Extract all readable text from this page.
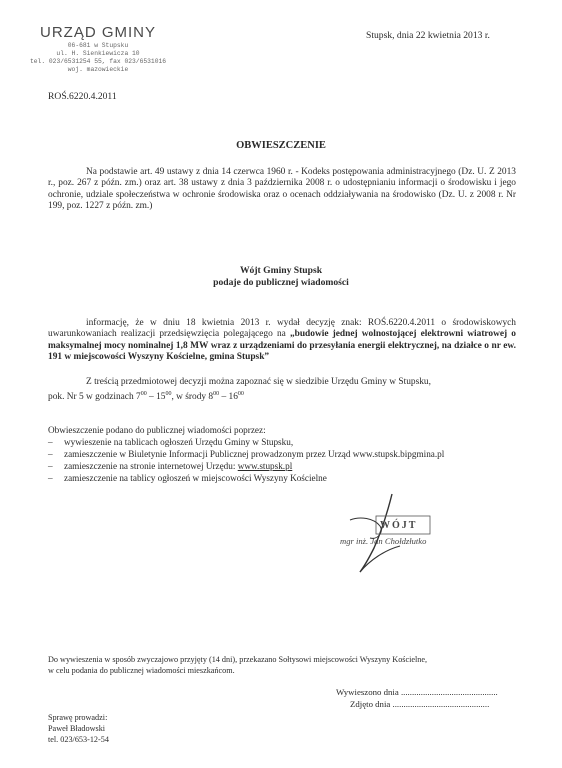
URZĄD GMINY
06-681 w Stupsku
ul. H. Sienkiewicza 10
tel. 023/6531254 55, fax 023/6531016
woj. mazowieckie
Stupsk, dnia 22 kwietnia 2013 r.
ROŚ.6220.4.2011
OBWIESZCZENIE
Na podstawie art. 49 ustawy z dnia 14 czerwca 1960 r. - Kodeks postępowania administracyjnego (Dz. U. Z 2013 r., poz. 267 z późn. zm.) oraz art. 38 ustawy z dnia 3 października 2008 r. o udostępnianiu informacji o środowisku i jego ochronie, udziale społeczeństwa w ochronie środowiska oraz o ocenach oddziaływania na środowisko (Dz. U. z 2008 r. Nr 199, poz. 1227 z późn. zm.)
Wójt Gminy Stupsk
podaje do publicznej wiadomości
informację, że w dniu 18 kwietnia 2013 r. wydał decyzję znak: ROŚ.6220.4.2011 o środowiskowych uwarunkowaniach realizacji przedsięwzięcia polegającego na „budowie jednej wolnostojącej elektrowni wiatrowej o maksymalnej mocy nominalnej 1,8 MW wraz z urządzeniami do przesyłania energii elektrycznej, na działce o nr ew. 191 w miejscowości Wyszyny Kościelne, gmina Stupsk”
Z treścią przedmiotowej decyzji można zapoznać się w siedzibie Urzędu Gminy w Stupsku,
pok. Nr 5 w godzinach $7^{00} - 15^{00}$, w środy $8^{00} - 16^{00}$
Obwieszczenie podano do publicznej wiadomości poprzez:
– wywieszenie na tablicach ogłoszeń Urzędu Gminy w Stupsku,
– zamieszczenie w Biuletynie Informacji Publicznej prowadzonym przez Urząd www.stupsk.bipgmina.pl
– zamieszczenie na stronie internetowej Urzędu: www.stupsk.pl
– zamieszczenie na tablicy ogłoszeń w miejscowości Wyszyny Kościelne
WÓJT
mgr inż. Jan Chołdzłutko
Do wywieszenia w sposób zwyczajowo przyjęty (14 dni), przekazano Sołtysowi miejscowości Wyszyny Kościelne,
w celu podania do publicznej wiadomości mieszkańcom.
Wywieszono dnia ............................................
Zdjęto dnia ............................................
Sprawę prowadzi:
Paweł Bładowski
tel. 023/653-12-54
